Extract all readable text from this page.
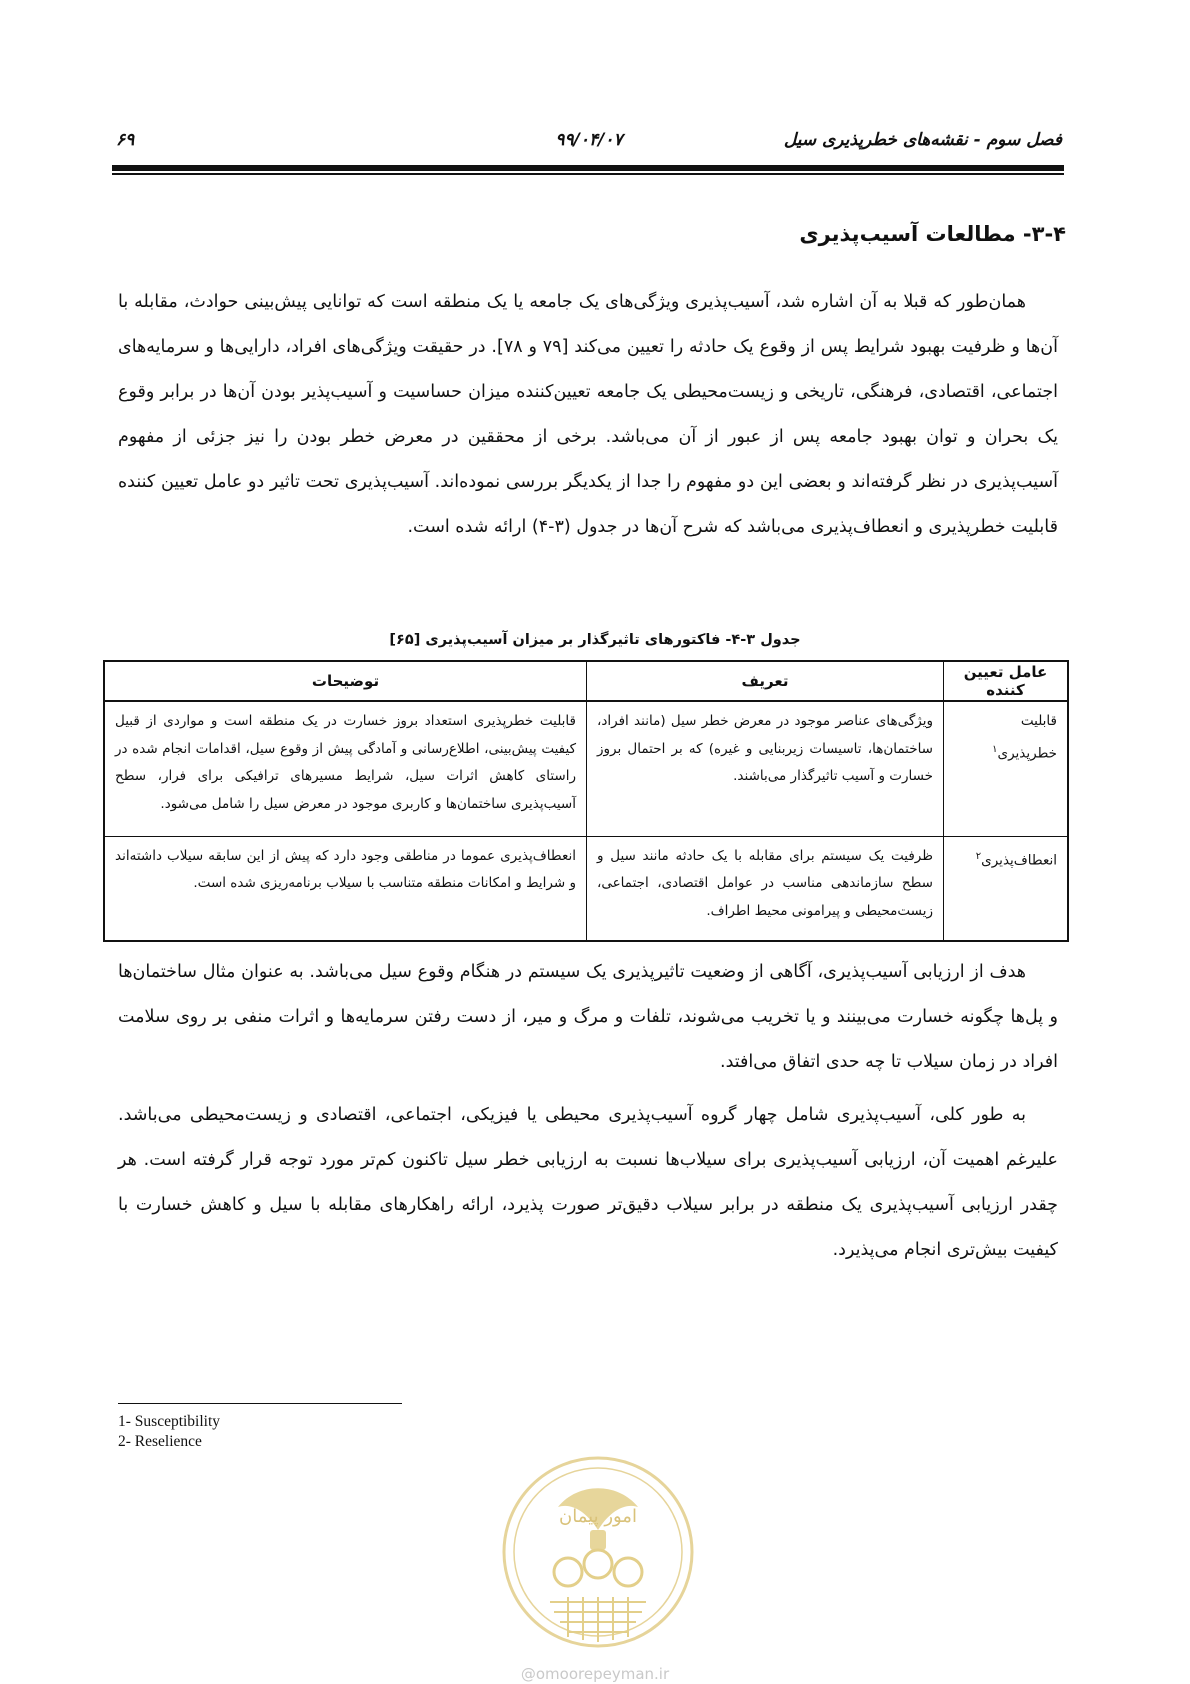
فصل سوم - نقشه‌های خطرپذیری سیل
۹۹/۰۴/۰۷
۶۹
۳-۴- مطالعات آسیب‌پذیری

همان‌طور که قبلا به آن اشاره شد، آسیب‌پذیری ویژگی‌های یک جامعه یا یک منطقه است که توانایی پیش‌بینی حوادث، مقابله با آن‌ها و ظرفیت بهبود شرایط پس از وقوع یک حادثه را تعیین می‌کند [۷۹ و ۷۸]. در حقیقت ویژگی‌های افراد، دارایی‌ها و سرمایه‌های اجتماعی، اقتصادی، فرهنگی، تاریخی و زیست‌محیطی یک جامعه تعیین‌کننده میزان حساسیت و آسیب‌پذیر بودن آن‌ها در برابر وقوع یک بحران و توان بهبود جامعه پس از عبور از آن می‌باشد. برخی از محققین در معرض خطر بودن را نیز جزئی از مفهوم آسیب‌پذیری در نظر گرفته‌اند و بعضی این دو مفهوم را جدا از یکدیگر بررسی نموده‌اند. آسیب‌پذیری تحت تاثیر دو عامل تعیین کننده قابلیت خطرپذیری و انعطاف‌پذیری می‌باشد که شرح آن‌ها در جدول (۳-۴) ارائه شده است.

جدول ۳-۴- فاکتورهای تاثیرگذار بر میزان آسیب‌پذیری [۶۵]
عامل تعیین کننده	تعریف	توضیحات
قابلیت خطرپذیری$^۱$	ویژگی‌های عناصر موجود در معرض خطر سیل (مانند افراد، ساختمان‌ها، تاسیسات زیربنایی و غیره) که بر احتمال بروز خسارت و آسیب تاثیرگذار می‌باشند.	قابلیت خطرپذیری استعداد بروز خسارت در یک منطقه است و مواردی از قبیل کیفیت پیش‌بینی، اطلاع‌رسانی و آمادگی پیش از وقوع سیل، اقدامات انجام شده در راستای کاهش اثرات سیل، شرایط مسیرهای ترافیکی برای فرار، سطح آسیب‌پذیری ساختمان‌ها و کاربری موجود در معرض سیل را شامل می‌شود.
انعطاف‌پذیری$^۲$	ظرفیت یک سیستم برای مقابله با یک حادثه مانند سیل و سطح سازماندهی مناسب در عوامل اقتصادی، اجتماعی، زیست‌محیطی و پیرامونی محیط اطراف.	انعطاف‌پذیری عموما در مناطقی وجود دارد که پیش از این سابقه سیلاب داشته‌اند و شرایط و امکانات منطقه متناسب با سیلاب برنامه‌ریزی شده است.

هدف از ارزیابی آسیب‌پذیری، آگاهی از وضعیت تاثیرپذیری یک سیستم در هنگام وقوع سیل می‌باشد. به عنوان مثال ساختمان‌ها و پل‌ها چگونه خسارت می‌بینند و یا تخریب می‌شوند، تلفات و مرگ و میر، از دست رفتن سرمایه‌ها و اثرات منفی بر روی سلامت افراد در زمان سیلاب تا چه حدی اتفاق می‌افتد.

به طور کلی، آسیب‌پذیری شامل چهار گروه آسیب‌پذیری محیطی یا فیزیکی، اجتماعی، اقتصادی و زیست‌محیطی می‌باشد. علیرغم اهمیت آن، ارزیابی آسیب‌پذیری برای سیلاب‌ها نسبت به ارزیابی خطر سیل تاکنون کم‌تر مورد توجه قرار گرفته است. هر چقدر ارزیابی آسیب‌پذیری یک منطقه در برابر سیلاب دقیق‌تر صورت پذیرد، ارائه راهکارهای مقابله با سیل و کاهش خسارت با کیفیت بیش‌تری انجام می‌پذیرد.

1- Susceptibility
2- Reselience
امور پیمان
@omoorepeyman.ir
